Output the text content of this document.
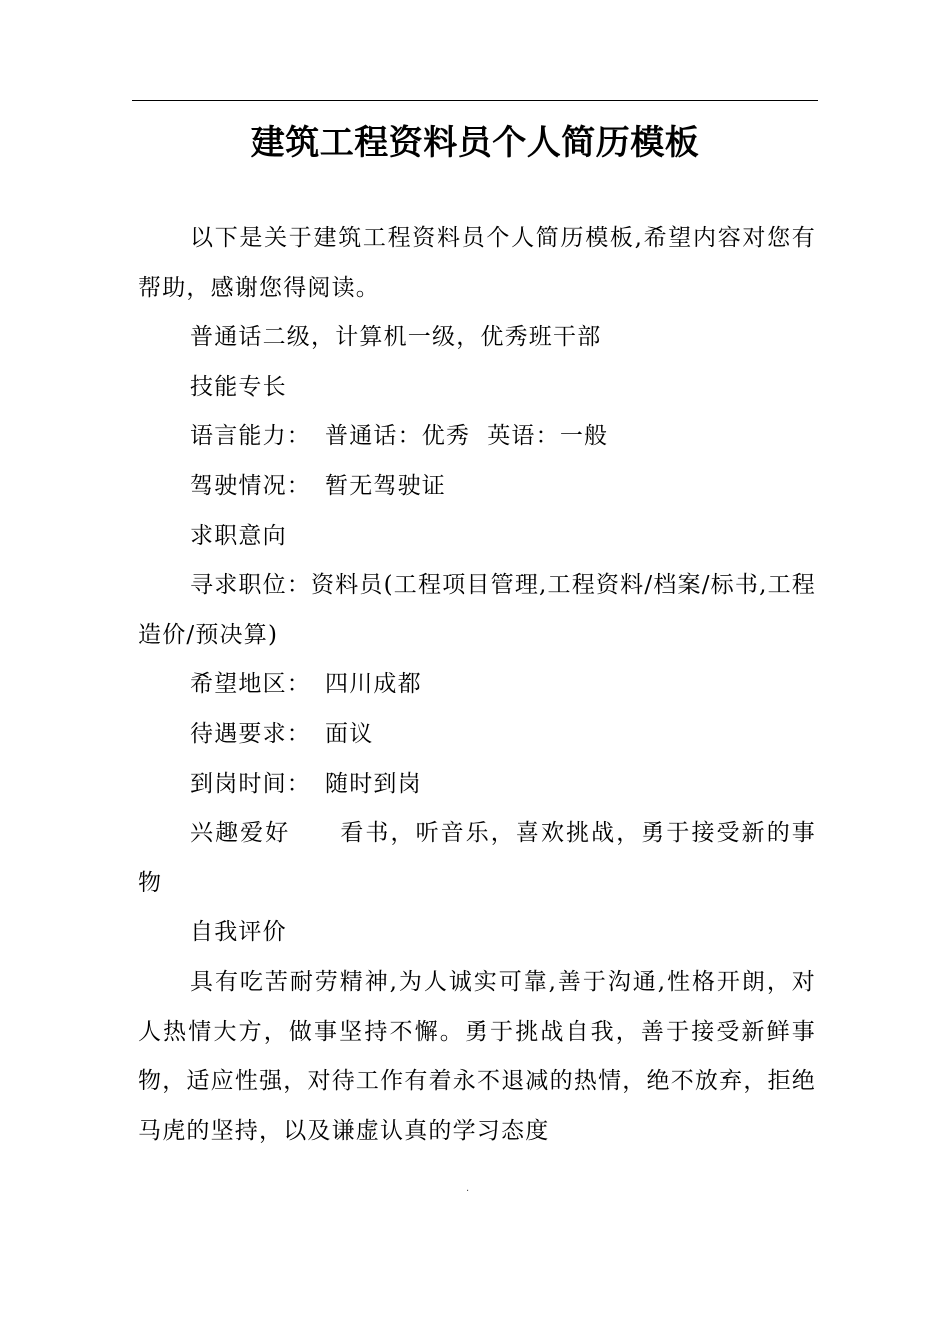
建筑工程资料员个人简历模板

以下是关于建筑工程资料员个人简历模板,希望内容对您有帮助，感谢您得阅读。

普通话二级，计算机一级，优秀班干部

技能专长

语言能力： 普通话：优秀  英语：一般

驾驶情况： 暂无驾驶证

求职意向

寻求职位：资料员(工程项目管理,工程资料/档案/标书,工程造价/预决算)

希望地区： 四川成都

待遇要求： 面议

到岗时间： 随时到岗

兴趣爱好 看书，听音乐，喜欢挑战，勇于接受新的事物

自我评价

具有吃苦耐劳精神,为人诚实可靠,善于沟通,性格开朗，对人热情大方，做事坚持不懈。勇于挑战自我，善于接受新鲜事物，适应性强，对待工作有着永不退减的热情，绝不放弃，拒绝马虎的坚持，以及谦虚认真的学习态度

.
